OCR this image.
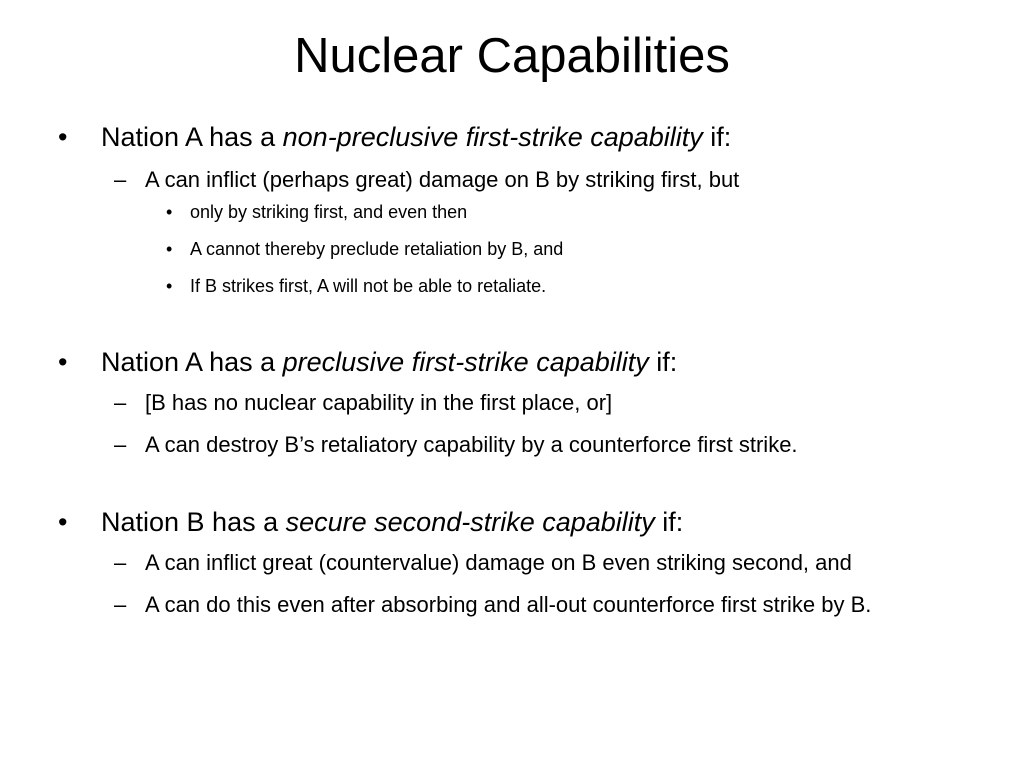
Nuclear Capabilities

•	Nation A has a non-preclusive first-strike capability if:

– A can inflict (perhaps great) damage on B by striking first, but

• only by striking first, and even then

• A cannot thereby preclude retaliation by B, and

• If B strikes first, A will not be able to retaliate.

•	Nation A has a preclusive first-strike capability if:

– [B has no nuclear capability in the first place, or]

– A can destroy B’s retaliatory capability by a counterforce first strike.

•	Nation B has a secure second-strike capability if:

– A can inflict great (countervalue) damage on B even striking second, and

– A can do this even after absorbing and all-out counterforce first strike by B.
